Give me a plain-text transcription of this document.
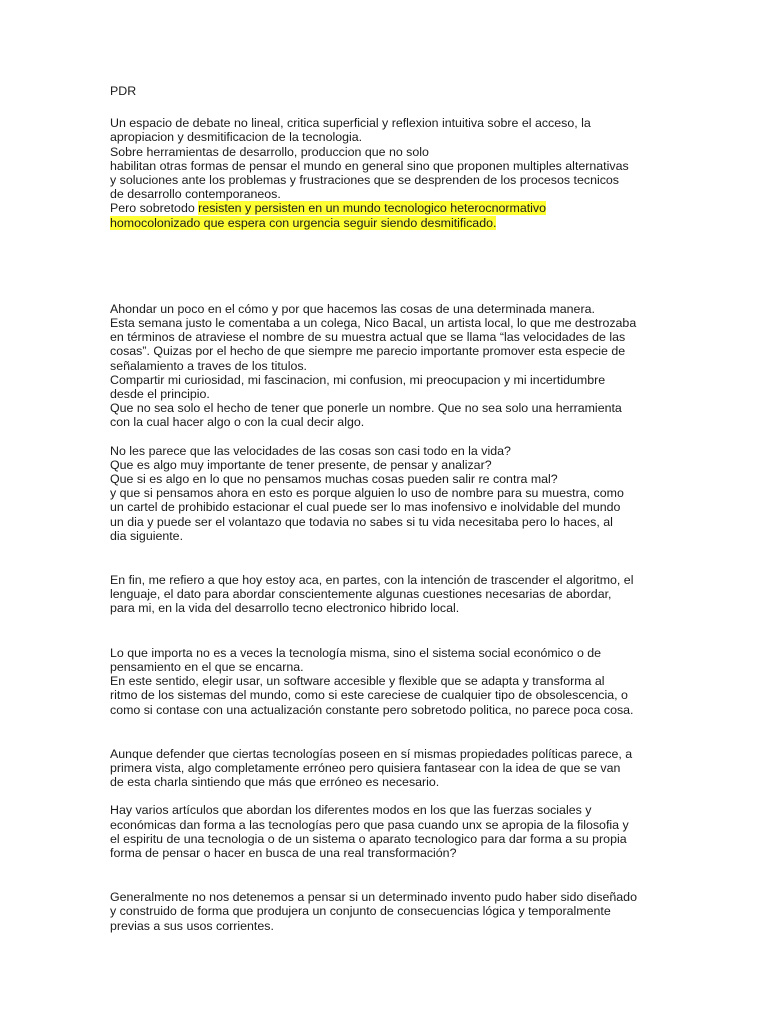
PDR
Un espacio de debate no lineal, critica superficial y reflexion intuitiva sobre el acceso, la
apropiacion y desmitificacion de la tecnologia.
Sobre herramientas de desarrollo, produccion que no solo
habilitan otras formas de pensar el mundo en general sino que proponen multiples alternativas
y soluciones ante los problemas y frustraciones que se desprenden de los procesos tecnicos
de desarrollo contemporaneos.
Pero sobretodo resisten y persisten en un mundo tecnologico heterocnormativo
homocolonizado que espera con urgencia seguir siendo desmitificado.
Ahondar un poco en el cómo y por que hacemos las cosas de una determinada manera.
Esta semana justo le comentaba a un colega, Nico Bacal, un artista local, lo que me destrozaba
en términos de atraviese el nombre de su muestra actual que se llama “las velocidades de las
cosas”. Quizas por el hecho de que siempre me parecio importante promover esta especie de
señalamiento a traves de los titulos.
Compartir mi curiosidad, mi fascinacion, mi confusion, mi preocupacion y mi incertidumbre
desde el principio.
Que no sea solo el hecho de tener que ponerle un nombre. Que no sea solo una herramienta
con la cual hacer algo o con la cual decir algo.
No les parece que las velocidades de las cosas son casi todo en la vida?
Que es algo muy importante de tener presente, de pensar y analizar?
Que si es algo en lo que no pensamos muchas cosas pueden salir re contra mal?
y que si pensamos ahora en esto es porque alguien lo uso de nombre para su muestra, como
un cartel de prohibido estacionar el cual puede ser lo mas inofensivo e inolvidable del mundo
un dia y puede ser el volantazo que todavia no sabes si tu vida necesitaba pero lo haces, al
dia siguiente.
En fin, me refiero a que hoy estoy aca, en partes, con la intención de trascender el algoritmo, el
lenguaje, el dato para abordar conscientemente algunas cuestiones necesarias de abordar,
para mi, en la vida del desarrollo tecno electronico hibrido local.
Lo que importa no es a veces la tecnología misma, sino el sistema social económico o de
pensamiento en el que se encarna.
En este sentido, elegir usar, un software accesible y flexible que se adapta y transforma al
ritmo de los sistemas del mundo, como si este careciese de cualquier tipo de obsolescencia, o
como si contase con una actualización constante pero sobretodo politica, no parece poca cosa.
Aunque defender que ciertas tecnologías poseen en sí mismas propiedades políticas parece, a
primera vista, algo completamente erróneo pero quisiera fantasear con la idea de que se van
de esta charla sintiendo que más que erróneo es necesario.
Hay varios artículos que abordan los diferentes modos en los que las fuerzas sociales y
económicas dan forma a las tecnologías pero que pasa cuando unx se apropia de la filosofia y
el espiritu de una tecnologia o de un sistema o aparato tecnologico para dar forma a su propia
forma de pensar o hacer en busca de una real transformación?
Generalmente no nos detenemos a pensar si un determinado invento pudo haber sido diseñado
y construido de forma que produjera un conjunto de consecuencias lógica y temporalmente
previas a sus usos corrientes.
